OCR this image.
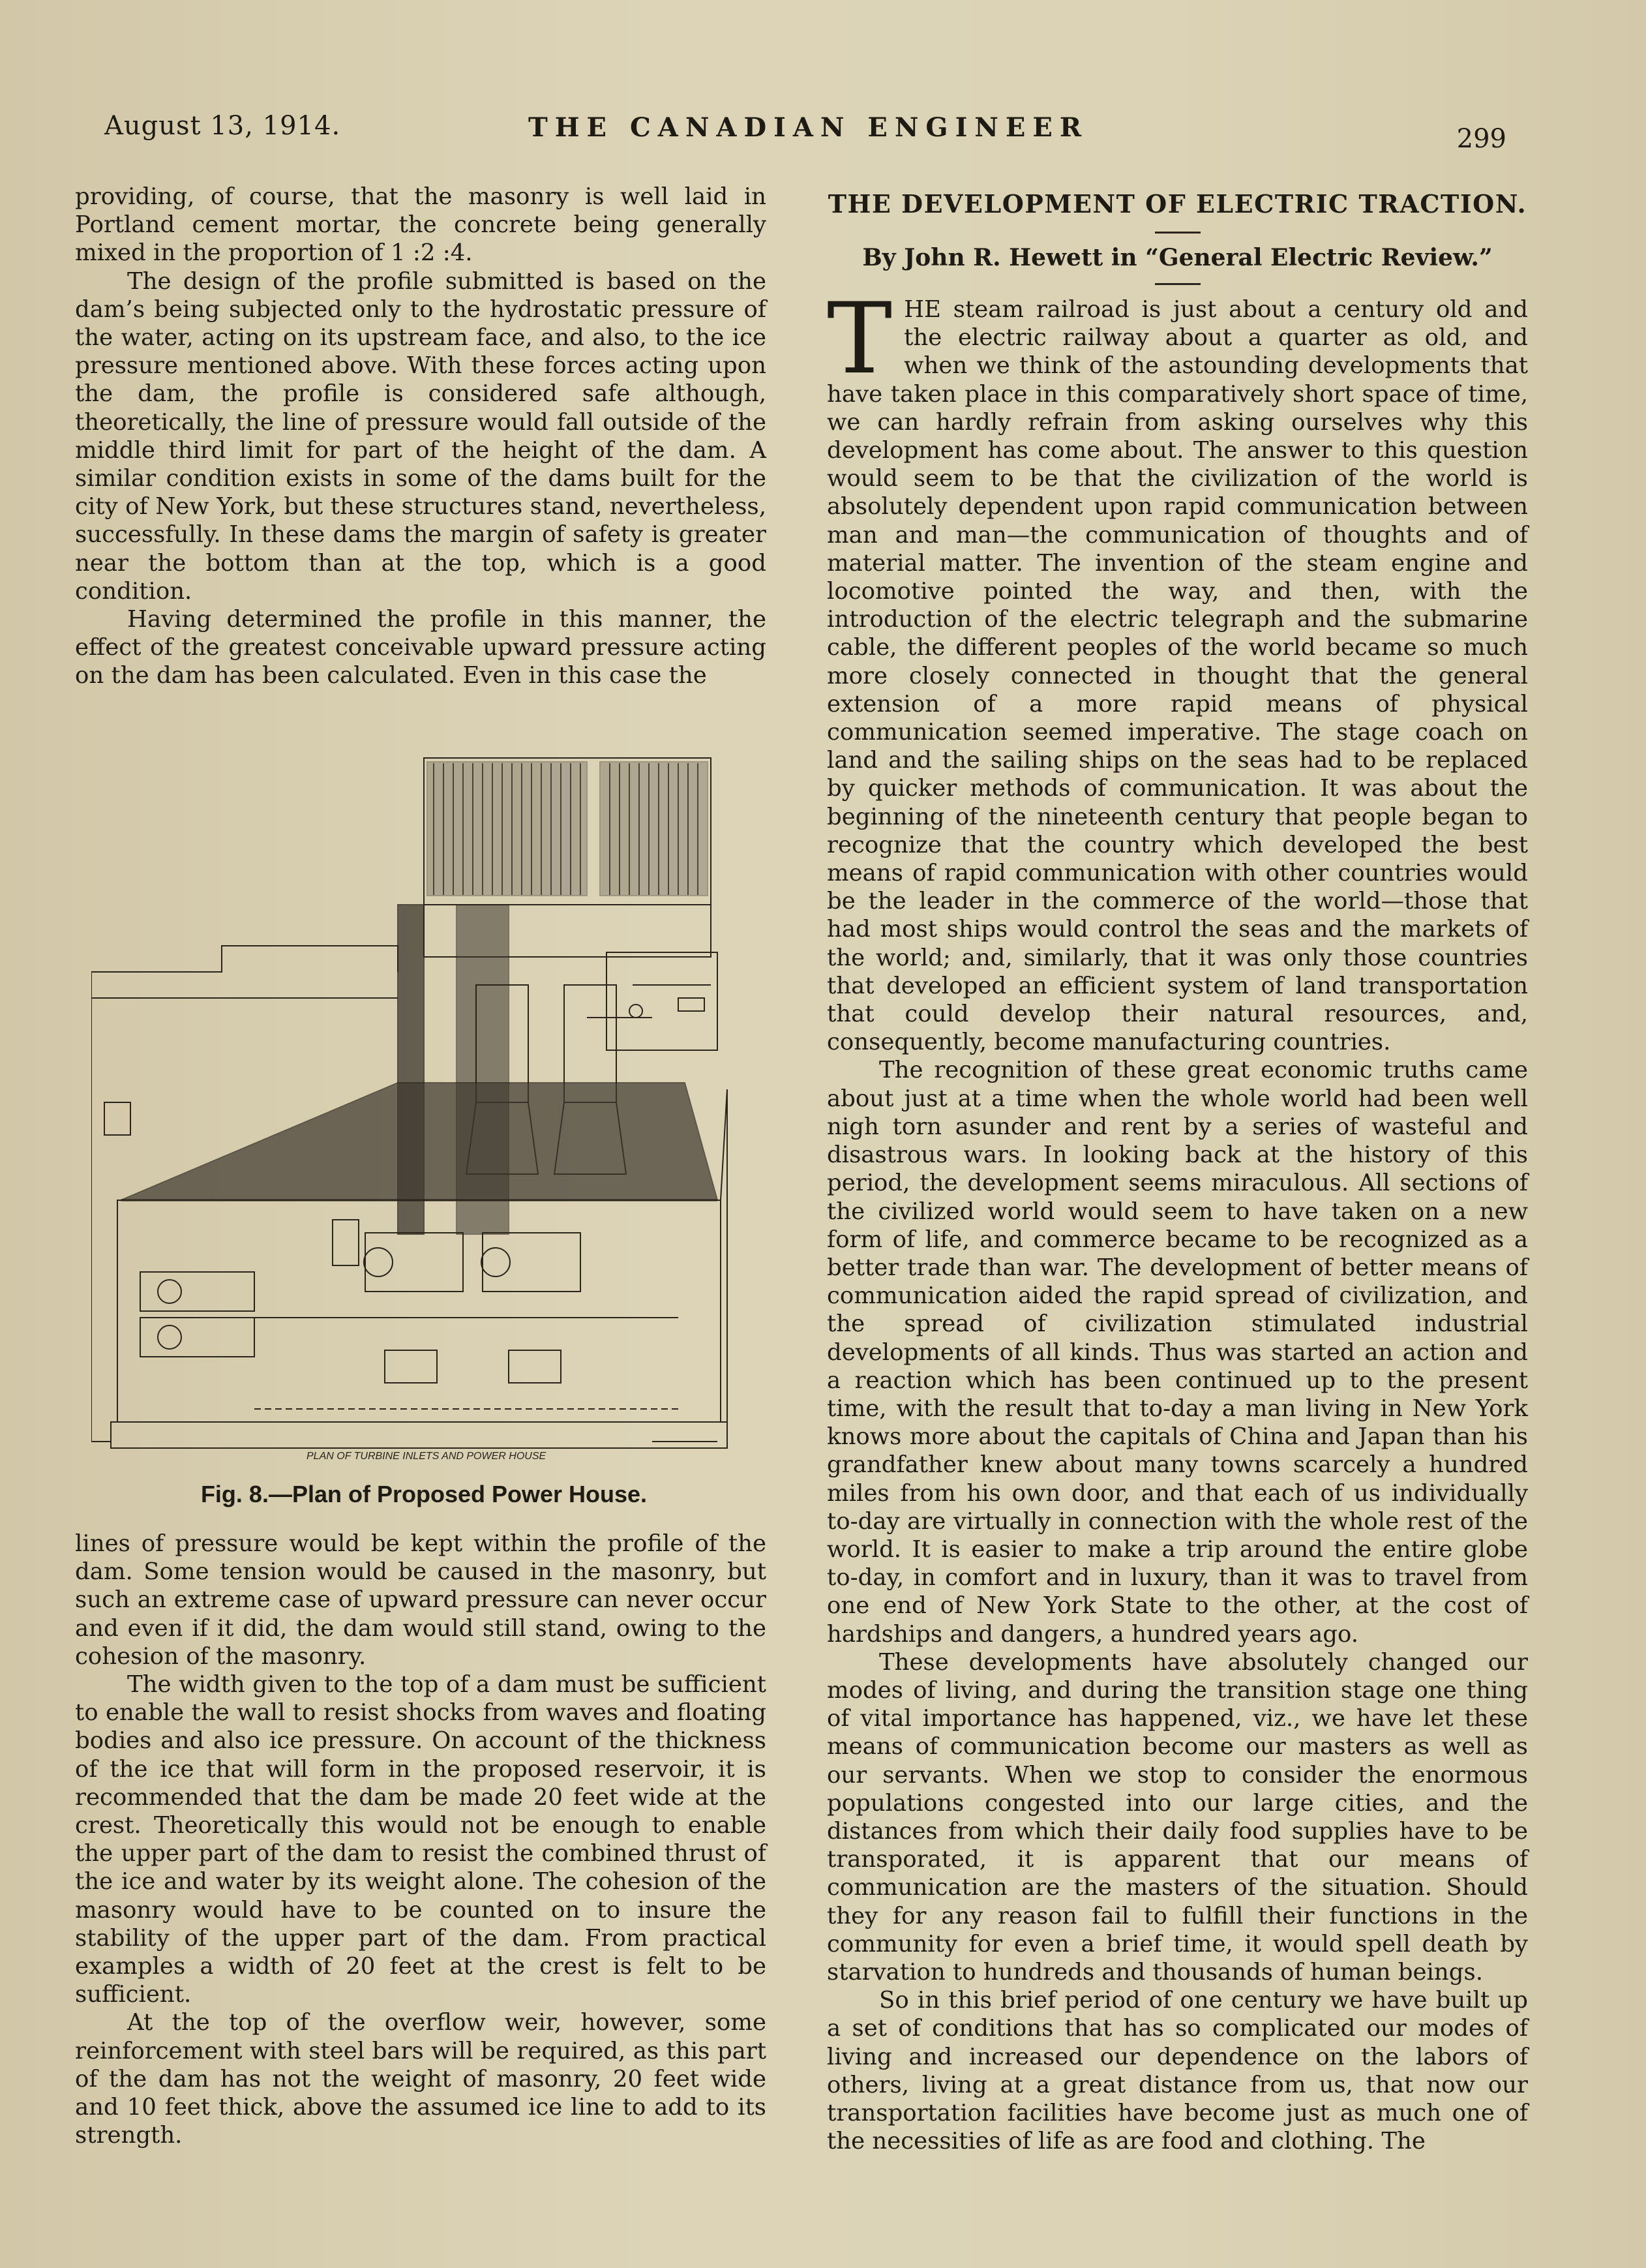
August 13, 1914.	THE CANADIAN ENGINEER	299

providing, of course, that the masonry is well laid in Portland cement mortar, the concrete being generally mixed in the proportion of 1 :2 :4.

The design of the profile submitted is based on the dam’s being subjected only to the hydrostatic pressure of the water, acting on its upstream face, and also, to the ice pressure mentioned above. With these forces acting upon the dam, the profile is considered safe although, theoretically, the line of pressure would fall outside of the middle third limit for part of the height of the dam. A similar condition exists in some of the dams built for the city of New York, but these structures stand, nevertheless, successfully. In these dams the margin of safety is greater near the bottom than at the top, which is a good condition.

Having determined the profile in this manner, the effect of the greatest conceivable upward pressure acting on the dam has been calculated. Even in this case the

PLAN OF TURBINE INLETS AND POWER HOUSE
Fig. 8.—Plan of Proposed Power House.

lines of pressure would be kept within the profile of the dam. Some tension would be caused in the masonry, but such an extreme case of upward pressure can never occur and even if it did, the dam would still stand, owing to the cohesion of the masonry.

The width given to the top of a dam must be sufficient to enable the wall to resist shocks from waves and floating bodies and also ice pressure. On account of the thickness of the ice that will form in the proposed reservoir, it is recommended that the dam be made 20 feet wide at the crest. Theoretically this would not be enough to enable the upper part of the dam to resist the combined thrust of the ice and water by its weight alone. The cohesion of the masonry would have to be counted on to insure the stability of the upper part of the dam. From practical examples a width of 20 feet at the crest is felt to be sufficient.

At the top of the overflow weir, however, some reinforcement with steel bars will be required, as this part of the dam has not the weight of masonry, 20 feet wide and 10 feet thick, above the assumed ice line to add to its strength.

THE DEVELOPMENT OF ELECTRIC TRACTION.
By John R. Hewett in “General Electric Review.”

THE steam railroad is just about a century old and the electric railway about a quarter as old, and when we think of the astounding developments that have taken place in this comparatively short space of time, we can hardly refrain from asking ourselves why this development has come about. The answer to this question would seem to be that the civilization of the world is absolutely dependent upon rapid communication between man and man—the communication of thoughts and of material matter. The invention of the steam engine and locomotive pointed the way, and then, with the introduction of the electric telegraph and the submarine cable, the different peoples of the world became so much more closely connected in thought that the general extension of a more rapid means of physical communication seemed imperative. The stage coach on land and the sailing ships on the seas had to be replaced by quicker methods of communication. It was about the beginning of the nineteenth century that people began to recognize that the country which developed the best means of rapid communication with other countries would be the leader in the commerce of the world—those that had most ships would control the seas and the markets of the world; and, similarly, that it was only those countries that developed an efficient system of land transportation that could develop their natural resources, and, consequently, become manufacturing countries.

The recognition of these great economic truths came about just at a time when the whole world had been well nigh torn asunder and rent by a series of wasteful and disastrous wars. In looking back at the history of this period, the development seems miraculous. All sections of the civilized world would seem to have taken on a new form of life, and commerce became to be recognized as a better trade than war. The development of better means of communication aided the rapid spread of civilization, and the spread of civilization stimulated industrial developments of all kinds. Thus was started an action and a reaction which has been continued up to the present time, with the result that to-day a man living in New York knows more about the capitals of China and Japan than his grandfather knew about many towns scarcely a hundred miles from his own door, and that each of us individually to-day are virtually in connection with the whole rest of the world. It is easier to make a trip around the entire globe to-day, in comfort and in luxury, than it was to travel from one end of New York State to the other, at the cost of hardships and dangers, a hundred years ago.

These developments have absolutely changed our modes of living, and during the transition stage one thing of vital importance has happened, viz., we have let these means of communication become our masters as well as our servants. When we stop to consider the enormous populations congested into our large cities, and the distances from which their daily food supplies have to be transporated, it is apparent that our means of communication are the masters of the situation. Should they for any reason fail to fulfill their functions in the community for even a brief time, it would spell death by starvation to hundreds and thousands of human beings.

So in this brief period of one century we have built up a set of conditions that has so complicated our modes of living and increased our dependence on the labors of others, living at a great distance from us, that now our transportation facilities have become just as much one of the necessities of life as are food and clothing. The
